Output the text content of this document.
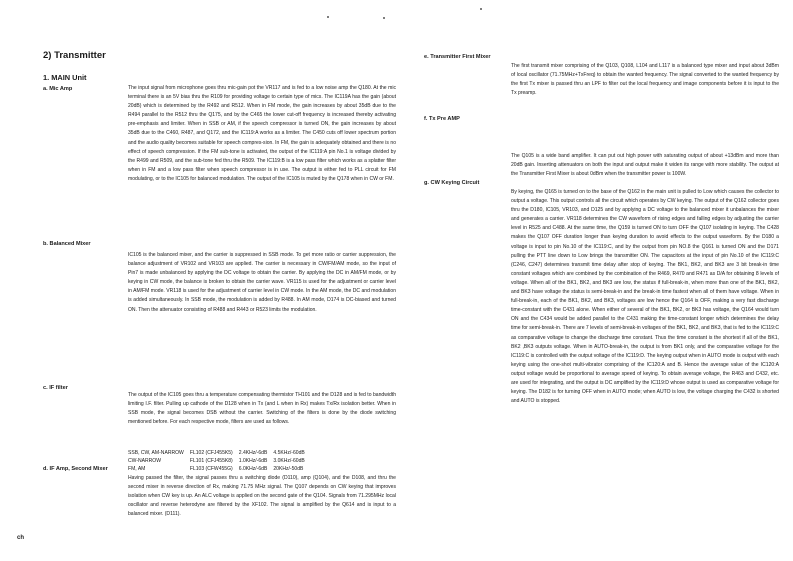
2) Transmitter
1. MAIN Unit
a. Mic Amp	The input signal from microphone goes thru mic-gain pot the VR117 and is fed to a low noise amp the Q180. At the mic terminal there is an 5V bias thru the R109 for providing voltage to certain type of mics. The IC119A has the gain (about 20dB) which is determined by the R492 and R512. When in FM mode, the gain increases by about 35dB due to the R494 parallel to the R512 thru the Q175, and by the C465 the lower cut-off frequency is increased thereby activating pre-emphasis and limiter. When in SSB or AM, if the speech compressor is turned ON, the gain increases by about 35dB due to the C460, R487, and Q172, and the IC119:A works as a limiter. The C450 cuts off lower spectrum portion and the audio quality becomes suitable for speech compres-sion. In FM, the gain is adequately obtained and there is no effect of speech compression. If the FM sub-tone is activated, the output of the IC119:A pin No.1 is voltage divided by the R499 and R509, and the sub-tone fed thru the R509. The IC119:B is a low pass filter which works as a splatter filter when in FM and a low pass filter when speech compressor is in use. The output is either fed to PLL circuit for FM modulating, or to the IC105 for balanced modulation. The output of the IC105 is muted by the Q178 when in CW or FM.

b. Balanced Mixer

IC105 is the balanced mixer, and the carrier is suppressed in SSB mode. To get more ratio or carrier suppression, the balance adjustment of VR102 and VR103 are applied. The carrier is necessary in CW/FM/AM mode, so the input of Pin7 is made unbalanced by applying the DC voltage to obtain the carrier. By applying the DC in AM/FM mode, or by keying in CW mode, the balance is broken to obtain the carrier wave. VR115 is used for the adjustment or carrier level in AM/FM mode. VR118 is used for the adjustment of carrier level in CW mode. In the AM mode, the DC and modulation is added simultaneously. In SSB mode, the modulation is added by R488. In AM mode, D174 is DC-biased and turned ON. Then the attenuator consisting of R488 and R443 or R523 limits the modulation.

c. IF filter

The output of the IC105 goes thru a temperature compensating thermistor TH101 and the D128 and is fed to bandwidth limiting I.F. filter. Pulling up cathode of the D128 when in Tx (and L when in Rx) makes Tx/Rx isolation better. When in SSB mode, the signal becomes DSB without the carrier. Switching of the filters is done by the diode switching mentioned before. For each respective mode, filters are used as follows.

SSB, CW, AM-NARROW	FL102 (CFJ455K5)	2.4KHz/-6dB	4.5KHz/-60dB
CW-NARROW	FL101 (CFJ455K8)	1.0KHz/-6dB	3.0KHz/-60dB
FM, AM	FL103 (CFW455G)	6.0KHz/-6dB	20KHz/-50dB
d. IF Amp, Second Mixer

Having passed the filter, the signal passes thru a switching diode (D110), amp (Q104), and the D108, and thru the second mixer in reverse direction of Rx, making 71.75 MHz signal. The Q107 depends on CW keying that improves isolation when CW key is up. An ALC voltage is applied on the second gate of the Q104. Signals from 71.295MHz local oscillator and reverse heterodyne are filtered by the XF102. The signal is amplified by the Q614 and is input to a balanced mixer. (D111).

e. Transmitter First Mixer

The first transmit mixer comprising of the Q103, Q108, L104 and L117 is a balanced type mixer and input about 3dBm of local oscillator (71.75MHz+TxFreq) to obtain the wanted frequency. The signal converted to the wanted frequency by the first Tx mixer is passed thru an LPF to filter out the local frequency and image components before it is input to the Tx preamp.

f. Tx Pre AMP

The Q105 is a wide band amplifier. It can put out high power with saturating output of about +13dBm and more than 20dB gain. Inserting attenuators on both the input and output make it widen its range with more stability. The output at the Transmitter First Mixer is about 0dBm when the transmitter power is 100W.

g. CW Keying Circuit

By keying, the Q165 is turned on to the base of the Q162 in the main unit is pulled to Low which causes the collector to output a voltage. This output controls all the circuit which operates by CW keying. The output of the Q162 collector goes thru the D180, IC105, VR103, and D125 and by applying a DC voltage to the balanced mixer it unbalances the mixer and generates a carrier. VR118 determines the CW waveform of rising edges and falling edges by adjusting the carrier level in R525 and C488. At the same time, the Q159 is turned ON to turn OFF the Q107 isolating in keying. The C428 makes the Q107 OFF duration longer than keying duration to avoid effects to the output waveform. By the D180 a voltage is input to pin No.10 of the IC119:C, and by the output from pin NO.8 the Q161 is turned ON and the D171 pulling the PTT line down to Low brings the transmitter ON. The capacitors at the input of pin No.10 of the IC119:C (C246, C247) determines transmit time delay after stop of keying. The BK1, BK2, and BK3 are 3 bit break-in time constant voltages which are combined by the combination of the R469, R470 and R471 as D/A for obtaining 8 levels of voltage. When all of the BK1, BK2, and BK3 are low, the status if full-break-in, when more than one of the BK1, BK2, and BK3 have voltage the status is semi-break-in and the break-in time fastest when all of them have voltage. When in full-break-in, each of the BK1, BK2, and BK3, voltages are low hence the Q164 is OFF, making a very fast discharge time-constant with the C431 alone. When either of several of the BK1, BK2, or BK3 has voltage, the Q164 would turn ON and the C434 would be added parallel to the C431 making the time-constant longer which determines the delay time for semi-break-in. There are 7 levels of semi-break-in voltages of the BK1, BK2, and BK3, that is fed to the IC119:C as comparative voltage to change the discharge time constant. Thus the time constant is the shortest if all of the BK1, BK2 ,BK3 outputs voltage. When in AUTO-break-in, the output is from BK1 only, and the comparative voltage for the IC119:C is controlled with the output voltage of the IC119:D. The keying output when in AUTO mode is output with each keying using the one-shot multi-vibrator comprising of the IC120:A and B. Hence the average value of the IC120:A output voltage would be proportional to average speed of keying. To obtain average voltage, the R463 and C432, etc. are used for integrating, and the output is DC amplified by the IC119:D whose output is used as comparative voltage for keying. The D182 is for turning OFF when in AUTO mode; when AUTO is low, the voltage charging the C432 is shorted and AUTO is stopped.

ch
